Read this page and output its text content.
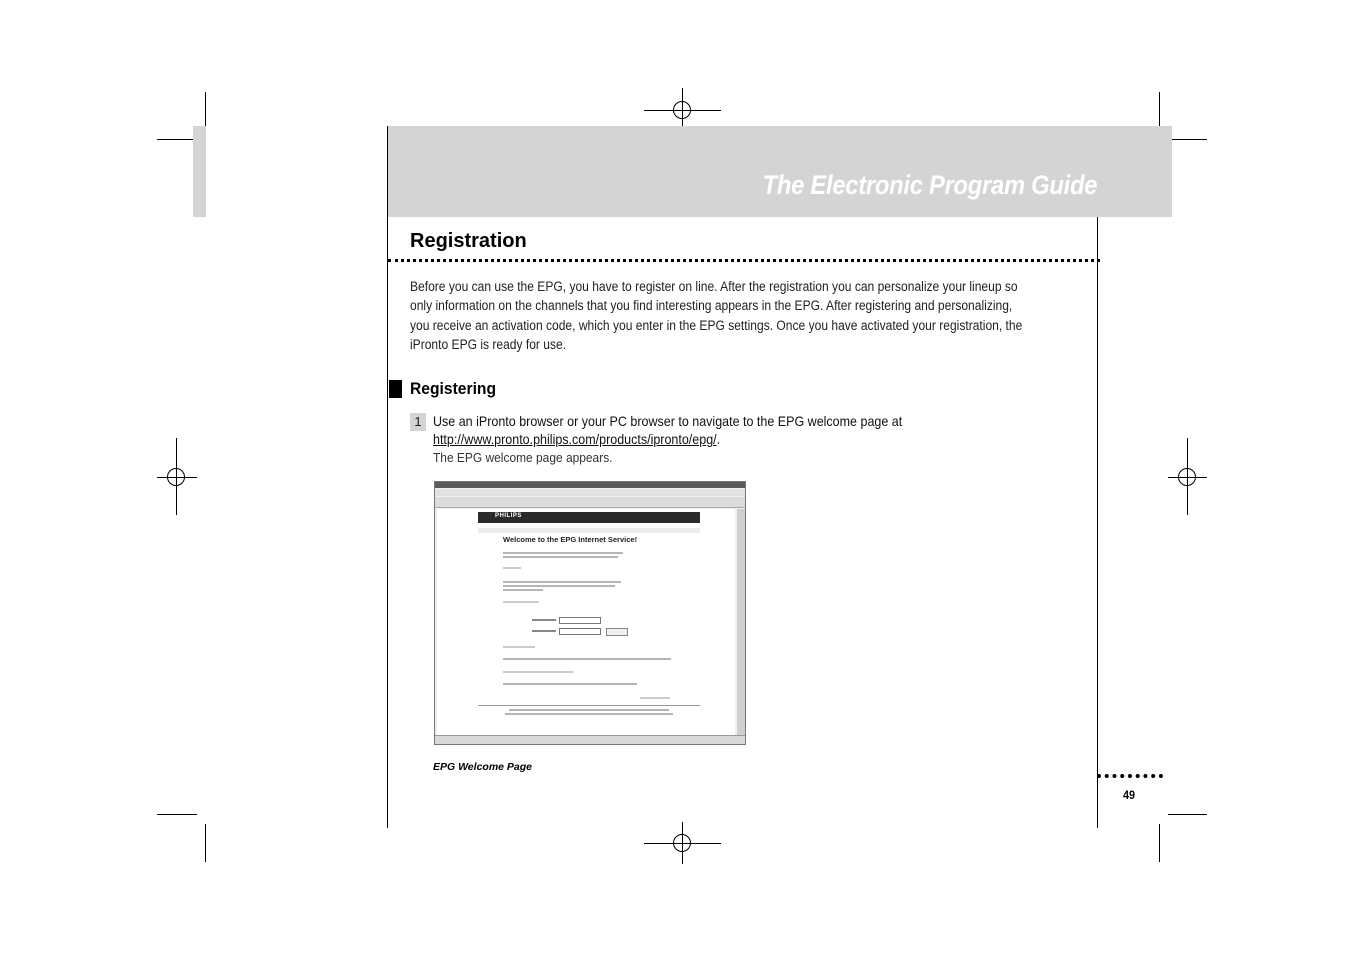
The Electronic Program Guide
Registration
Before you can use the EPG, you have to register on line. After the registration you can personalize your lineup so
only information on the channels that you find interesting appears in the EPG. After registering and personalizing,
you receive an activation code, which you enter in the EPG settings. Once you have activated your registration, the
iPronto EPG is ready for use.
Registering
1 Use an iPronto browser or your PC browser to navigate to the EPG welcome page at
http://www.pronto.philips.com/products/ipronto/epg/.
The EPG welcome page appears.
PHILIPS
Welcome to the EPG Internet Service!
EPG Welcome Page
49
